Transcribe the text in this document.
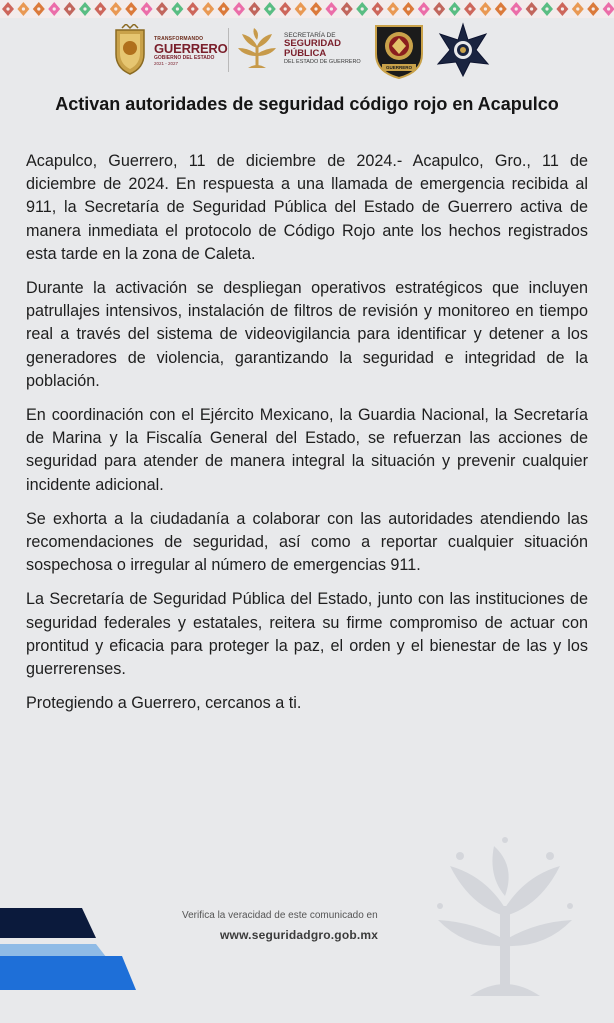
TRANSFORMANDO
GUERRERO
GOBIERNO DEL ESTADO
2021 - 2027
SECRETARÍA DE
SEGURIDAD
PÚBLICA
DEL ESTADO DE GUERRERO
GUERRERO
Activan autoridades de seguridad código rojo en Acapulco

Acapulco, Guerrero, 11 de diciembre de 2024.- Acapulco, Gro., 11 de diciembre de 2024. En respuesta a una llamada de emergencia recibida al 911, la Secretaría de Seguridad Pública del Estado de Guerrero activa de manera inmediata el protocolo de Código Rojo ante los hechos registrados esta tarde en la zona de Caleta.

Durante la activación se despliegan operativos estratégicos que incluyen patrullajes intensivos, instalación de filtros de revisión y monitoreo en tiempo real a través del sistema de videovigilancia para identificar y detener a los generadores de violencia, garantizando la seguridad e integridad de la población.

En coordinación con el Ejército Mexicano, la Guardia Nacional, la Secretaría de Marina y la Fiscalía General del Estado, se refuerzan las acciones de seguridad para atender de manera integral la situación y prevenir cualquier incidente adicional.

Se exhorta a la ciudadanía a colaborar con las autoridades atendiendo las recomendaciones de seguridad, así como a reportar cualquier situación sospechosa o irregular al número de emergencias 911.

La Secretaría de Seguridad Pública del Estado, junto con las instituciones de seguridad federales y estatales, reitera su firme compromiso de actuar con prontitud y eficacia para proteger la paz, el orden y el bienestar de las y los guerrerenses.

Protegiendo a Guerrero, cercanos a ti.

Verifica la veracidad de este comunicado en
www.seguridadgro.gob.mx
